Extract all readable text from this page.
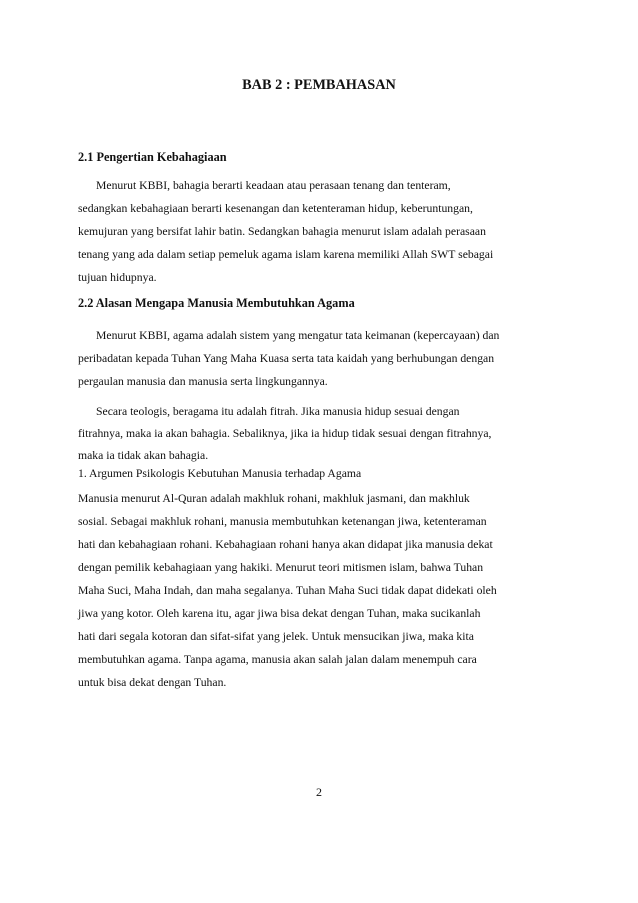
BAB 2 : PEMBAHASAN
2.1 Pengertian Kebahagiaan
Menurut KBBI, bahagia berarti keadaan atau perasaan tenang dan tenteram,
sedangkan kebahagiaan berarti kesenangan dan ketenteraman hidup, keberuntungan,
kemujuran yang bersifat lahir batin. Sedangkan bahagia menurut islam adalah perasaan
tenang yang ada dalam setiap pemeluk agama islam karena memiliki Allah SWT sebagai
tujuan hidupnya.
2.2 Alasan Mengapa Manusia Membutuhkan Agama
Menurut KBBI, agama adalah sistem yang mengatur tata keimanan (kepercayaan) dan
peribadatan kepada Tuhan Yang Maha Kuasa serta tata kaidah yang berhubungan dengan
pergaulan manusia dan manusia serta lingkungannya.
Secara teologis, beragama itu adalah fitrah. Jika manusia hidup sesuai dengan
fitrahnya, maka ia akan bahagia. Sebaliknya, jika ia hidup tidak sesuai dengan fitrahnya,
maka ia tidak akan bahagia.
1. Argumen Psikologis Kebutuhan Manusia terhadap Agama
Manusia menurut Al-Quran adalah makhluk rohani, makhluk jasmani, dan makhluk
sosial. Sebagai makhluk rohani, manusia membutuhkan ketenangan jiwa, ketenteraman
hati dan kebahagiaan rohani. Kebahagiaan rohani hanya akan didapat jika manusia dekat
dengan pemilik kebahagiaan yang hakiki. Menurut teori mitismen islam, bahwa Tuhan
Maha Suci, Maha Indah, dan maha segalanya. Tuhan Maha Suci tidak dapat didekati oleh
jiwa yang kotor. Oleh karena itu, agar jiwa bisa dekat dengan Tuhan, maka sucikanlah
hati dari segala kotoran dan sifat-sifat yang jelek. Untuk mensucikan jiwa, maka kita
membutuhkan agama. Tanpa agama, manusia akan salah jalan dalam menempuh cara
untuk bisa dekat dengan Tuhan.
2
